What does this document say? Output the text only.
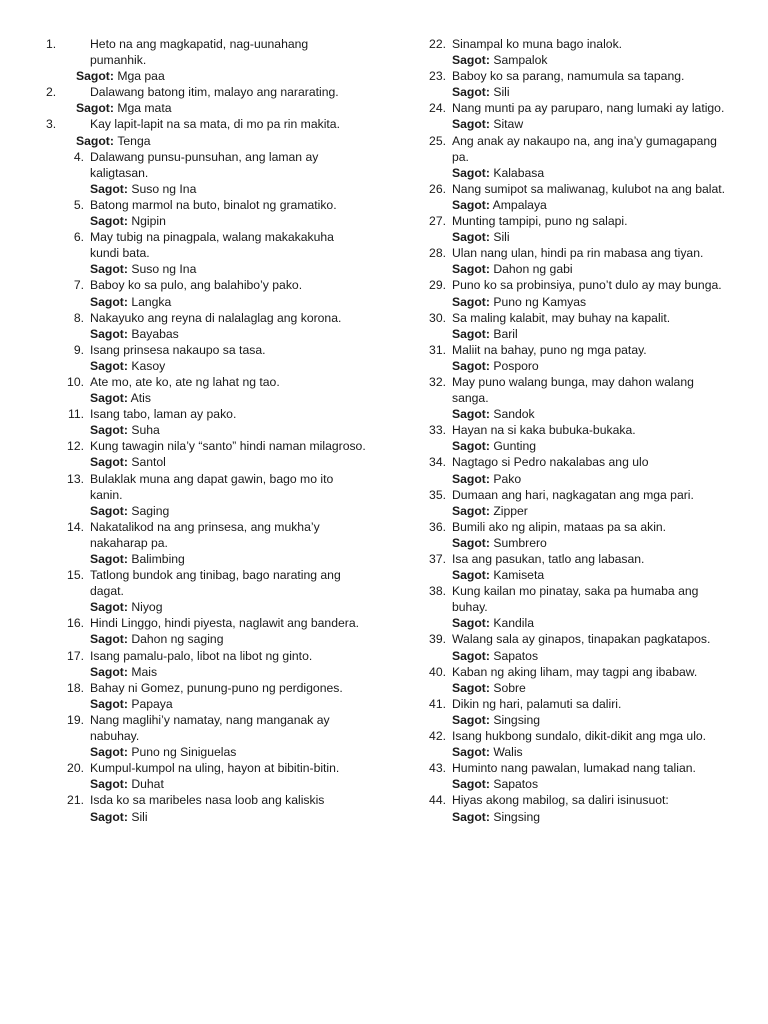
1.	Heto na ang magkapatid, nag-uunahang pumanhik.
Sagot:
Mga paa
2.	Dalawang batong itim, malayo ang nararating.
Sagot:
Mga mata
3.	Kay lapit-lapit na sa mata, di mo pa rin makita.
Sagot:
Tenga
4. Dalawang punsu-punsuhan, ang laman ay kaligtasan.
Sagot: Suso ng Ina
5. Batong marmol na buto, binalot ng gramatiko.
Sagot: Ngipin
6. May tubig na pinagpala, walang makakakuha kundi bata.
Sagot: Suso ng Ina
7. Baboy ko sa pulo, ang balahibo’y pako.
Sagot: Langka
8. Nakayuko ang reyna di nalalaglag ang korona.
Sagot: Bayabas
9. Isang prinsesa nakaupo sa tasa.
Sagot: Kasoy
10. Ate mo, ate ko, ate ng lahat ng tao.
Sagot: Atis
11. Isang tabo, laman ay pako.
Sagot: Suha
12. Kung tawagin nila’y “santo” hindi naman milagroso.
Sagot: Santol
13. Bulaklak muna ang dapat gawin, bago mo ito kanin.
Sagot: Saging
14. Nakatalikod na ang prinsesa, ang mukha’y nakaharap pa.
Sagot: Balimbing
15. Tatlong bundok ang tinibag, bago narating ang dagat.
Sagot: Niyog
16. Hindi Linggo, hindi piyesta, naglawit ang bandera.
Sagot: Dahon ng saging
17. Isang pamalu-palo, libot na libot ng ginto.
Sagot: Mais
18. Bahay ni Gomez, punung-puno ng perdigones.
Sagot: Papaya
19. Nang maglihi’y namatay, nang manganak ay nabuhay.
Sagot: Puno ng Siniguelas
20. Kumpul-kumpol na uling, hayon at bibitin-bitin.
Sagot: Duhat
21. Isda ko sa maribeles nasa loob ang kaliskis
Sagot: Sili
22. Sinampal ko muna bago inalok.
Sagot: Sampalok
23. Baboy ko sa parang, namumula sa tapang.
Sagot: Sili
24. Nang munti pa ay paruparo, nang lumaki ay latigo.
Sagot: Sitaw
25. Ang anak ay nakaupo na, ang ina’y gumagapang pa.
Sagot: Kalabasa
26. Nang sumipot sa maliwanag, kulubot na ang balat.
Sagot: Ampalaya
27. Munting tampipi, puno ng salapi.
Sagot: Sili
28. Ulan nang ulan, hindi pa rin mabasa ang tiyan.
Sagot: Dahon ng gabi
29. Puno ko sa probinsiya, puno’t dulo ay may bunga.
Sagot: Puno ng Kamyas
30. Sa maling kalabit, may buhay na kapalit.
Sagot: Baril
31. Maliit na bahay, puno ng mga patay.
Sagot: Posporo
32. May puno walang bunga, may dahon walang sanga.
Sagot: Sandok
33. Hayan na si kaka bubuka-bukaka.
Sagot: Gunting
34. Nagtago si Pedro nakalabas ang ulo
Sagot: Pako
35. Dumaan ang hari, nagkagatan ang mga pari.
Sagot: Zipper
36. Bumili ako ng alipin, mataas pa sa akin.
Sagot: Sumbrero
37. Isa ang pasukan, tatlo ang labasan.
Sagot: Kamiseta
38. Kung kailan mo pinatay, saka pa humaba ang buhay.
Sagot: Kandila
39. Walang sala ay ginapos, tinapakan pagkatapos.
Sagot: Sapatos
40. Kaban ng aking liham, may tagpi ang ibabaw.
Sagot: Sobre
41. Dikin ng hari, palamuti sa daliri.
Sagot: Singsing
42. Isang hukbong sundalo, dikit-dikit ang mga ulo.
Sagot: Walis
43. Huminto nang pawalan, lumakad nang talian.
Sagot: Sapatos
44. Hiyas akong mabilog, sa daliri isinusuot:
Sagot: Singsing
